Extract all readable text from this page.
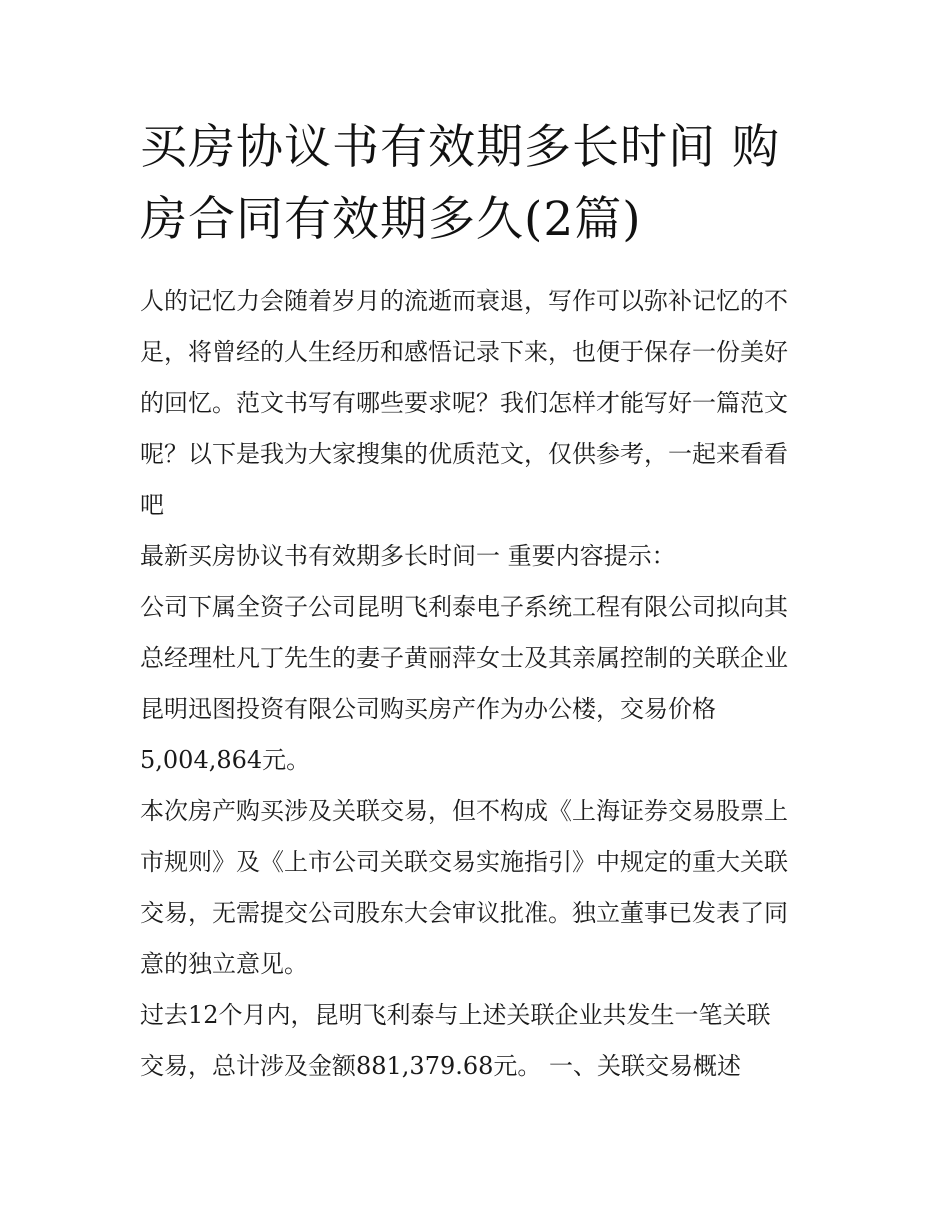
买房协议书有效期多长时间 购
房合同有效期多久(2篇)

人的记忆力会随着岁月的流逝而衰退，写作可以弥补记忆的不
足，将曾经的人生经历和感悟记录下来，也便于保存一份美好
的回忆。范文书写有哪些要求呢？我们怎样才能写好一篇范文
呢？以下是我为大家搜集的优质范文，仅供参考，一起来看看
吧

最新买房协议书有效期多长时间一 重要内容提示：

公司下属全资子公司昆明飞利泰电子系统工程有限公司拟向其
总经理杜凡丁先生的妻子黄丽萍女士及其亲属控制的关联企业
昆明迅图投资有限公司购买房产作为办公楼，交易价格
5,004,864元。

本次房产购买涉及关联交易，但不构成《上海证券交易股票上
市规则》及《上市公司关联交易实施指引》中规定的重大关联
交易，无需提交公司股东大会审议批准。独立董事已发表了同
意的独立意见。

过去12个月内，昆明飞利泰与上述关联企业共发生一笔关联
交易，总计涉及金额881,379.68元。 一、关联交易概述
